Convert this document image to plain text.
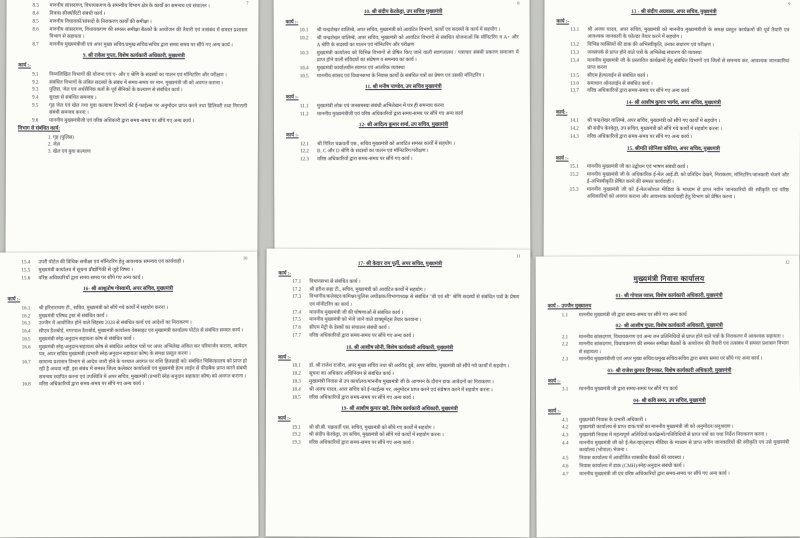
7
8.3 माननीय सांसदगण, विधायकगण के समन्वीय विभाग क्षेत्र के कार्यों का समन्वय एवं संचालन ।
8.4 निवास सीक्योरिटी संबंधी कार्य ।
8.5 माननीय विधायकों/सांसदों के निराकरण कार्यों की समीक्षा ।
8.6 माननीय सांसदगण, विधायकगण की समस्त समीक्षा बैठकों के आयोजन की तैयारी एवं तत्संबंध में समस्त प्रशासन विभाग से सहायता ।
8.7 माननीय मुख्यमंत्रीजी एवं अपर मुख्य सचिव/प्रमुख सचिव/सचिव द्वारा समय समय पर सौंपे गए अन्य कार्य ।
9. श्री राकेश गुप्ता, विशेष कार्यकारी अधिकारी, मुख्यमंत्री
कार्य :-
9.1 निम्नलिखित विभागों की योजना एवं ए- और ए श्रेणि के सदस्यों का पालन एवं मॉनिटरिंग और परीक्षण ।
9.2 संबंधित विभागों के लंबित सदस्यों के संबंध में समय-समय पर मान. मुख्यमंत्री जी को अवगत कराना ।
9.3 पुलिस, जेल एवं अर्धसैनिक बलों के पूर्व सैनिकों के कल्याण से संबंधित कार्य ।
9.4 सुरक्षा से संबंधित समन्वय ।
9.5 गृह जेल एवं खेल तथा युवा कल्याण विभागों की ई-फाईल्स पर अनुमोदन प्राप्त करने तथा डिलिवरी तथा निगरानी संबंधी समन्वय करना ।
9.6 माननीय मुख्यमंत्रीजी एवं वरिष्ठ अधिकारी द्वारा समय-समय पर सौंपे गए अन्य कार्य ।
विभाग से संबंधित कार्य:
1. गृह (पुलिस)
2. जेल
3. खेल एवं युवा कल्याण
8
10. श्री संदीप केरकेट्टा, उप सचिव मुख्यमंत्री
कार्य :-
10.1 श्री चन्द्रशेखर वालिम्बे, अपर सचिव, मुख्यमंत्री को आवंटित विभागों, कार्यों एवं सदस्यों के कार्य में सहयोग ।
10.2 श्री चन्द्रशेखर वालिम्बे, अपर सचिव, मुख्यमंत्री को आवंटित विभागों से संबंधित योजनाओं कि मॉनिटरिंग व A+ और A श्रेणि के सदस्यों का पालन एवं मॉनिटरिंग और परीक्षण
10.3 मुख्यमंत्री कार्यालय को विभिन्न विभागों से प्रेषित किए जाने वाली स्वागतालय / पत्राचार संबंधी प्रकरण समाजन में प्राप्त होने वाली संविदयों का संप्रेषण व समन्वय का कार्य ।
10.4 मुख्यमंत्री कार्यालयीन स्वागत एवं आंतरिक व्यवस्था
10.5 माननीय सांसद एवं विधानसभा के निवास कार्यों के संबंधित पत्रों का प्रेषण एवं उसकी मॉनिटरिंग ।
11. श्री मनीष पाण्डेय, उप सचिव मुख्यमंत्री
कार्य :-
11.1 मुख्यमंत्री लोक एवं जनसमस्या संबंधी अभिलेखन में पत्र ही समन्वय करना
11.2 माननीय मुख्यमंत्रीजी एवं वरिष्ठ अधिकारियों द्वारा समय-समय पर सौंपे गए अन्य कार्य
12- श्री आदित्य कुमार शर्मा, उप सचिव, मुख्यमंत्री
कार्य :-
12.1 श्री गिरिश चक्रवर्ती एस., सचिव मुख्यमंत्री को आवंटित समस्त कार्यों में सहयोग ।
12.2 B, C और D श्रेणि के सदस्यों का पालन एवं मॉनिटरिंग/परीक्षण ।
12.3 वरिष्ठ अधिकारियों द्वारा समय-समय पर सौंपे गए कार्य ।
9
13 - श्री संदीप अग्रवाल, अपर सचिव, मुख्यमंत्री
कार्य :-
13.1 श्री अजय यादव, अपर सचिव, मुख्यमंत्री को माननीय मुख्यमंत्रीजी के समक्ष प्रस्तुत कार्यक्रमों की पूर्व तैयारी एवं आवश्यक जानकारी के फोल्डर तैयार करने में सहयोग ।
13.2 विभिन्न व्यक्तियों की डाक की अभिस्वीकृति, उनका संधारण एवं परीक्षण ।
13.3 जनसंपर्क से प्राप्त होने वाले पत्रों के अभिलेख संधारण की व्यवस्था
13.4 माननीय मुख्यमंत्री जी के प्रस्तावित कार्यक्रमों हेतु संबंधित विभागों एवं जिलों से समन्वय कर, आवश्यक जानकारियां प्राप्त करना
13.5 सीएम हेल्पलाईन से संबंधित कार्य ।
13.6 समाधान ऑनलाईन से संबंधित कार्य ।
13.7 वरिष्ठ अधिकारियों द्वारा समय-समय पर सौंपे गए अन्य कार्य
14- श्री आशीष कुमार भार्गव, अपर सचिव, मुख्यमंत्री
कार्य:-
14.1 श्री चन्द्रशेखर वालिम्बे, अपर सचिव, मुख्यमंत्री को सौंपे गए कार्यों में सहयोग ।
14.2 श्री संदीप केरकेट्टा, उप सचिव, मुख्यमंत्री को सौंपे गये कार्यों में सहयोग करना ।
14.3 वरिष्ठ अधिकारियों द्वारा समय-समय पर सौंपे गए अन्य कार्य ।
15. श्रीमति सोनिशा कोरिया, अपर सचिव, मुख्यमंत्री
कार्य :-
15.1 माननीय मुख्यमंत्री जी का उद्बोधन एवं भाषण संबंधी कार्य ।
15.2 माननीय मुख्यमंत्री जी के अधिकारिक ई-मेल आई.डी. को प्रतिदिन देखने, निराकरण, मॉनिटरिंग/जानकारी भेजने और ई-अभिस्वीकृति प्रेषित करने की समस्त कार्यवाही ।
15.3 माननीय मुख्यमंत्री जी को ई-मेल/सोशल मीडिया के माध्यम से प्राप्त नवीन जानकारियों की स्वीकृति एवं वरिष्ठ अधिकारियों को अवगत कराना और आवश्यक कार्यवाही हेतु विभाग को प्रेषित करना ।
10
15.4 उपरी पोर्टल की विधिक समीक्षा एवं मॉनिटरिंग हेतु आवश्यक समन्वय एवं कार्यवाही ।
15.5 मुख्यमंत्री कार्यालय में सूचना प्रौद्योगिकी से जुड़े विषय ।
15.6 वरिष्ठ अधिकारियों द्वारा समय-समय पर सौंपे गए अन्य कार्य ।
16- श्री आशुतोष गोस्वामी, अपर सचिव, मुख्यमंत्री
कार्य :-
16.1 श्री हरिनारायण टी., सचिव, मुख्यमंत्री को सौंपे गये कार्यों में सहयोग करना ।
16.2 मुख्यमंत्री परिषद ट्रस्ट से संबंधित कार्य ।
16.3 उज्जैन में आयोजित होने वाले सिंहस्थ 2028 से संबंधित कार्य एवं आदेशों का निराकरण ।
16.4 सीएम डैशबोर्ड, नगरपाल डैशबोर्ड, मुख्यमंत्री कार्यालय वेबसाइट एवं मुख्यमंत्री कार्यालय पोर्टल से संबंधित समस्त कार्य ।
16.5 मुख्यमंत्री स्नेह/अनुदान सहायता कोष से संबंधित कार्य ।
16.6 मुख्यमंत्री स्नेह/अनुदान/सहायता कोष से संबंधित आवेदन पत्रों पर अपर अभिलेख अंकित कर परिमार्जन कराना, आवेदन पत्र, अपर सचिव मुख्यमंत्री (प्रभारी स्नेह/अनुदान सहायता कोष) के समक्ष प्रस्तुत करना ।
16.7 सामान्य प्रशासन विभाग से आदेश जारी होने के पश्चात अवगत पर राशि हितग्राही को/ संबंधित चिकित्सालय को प्राप्त हो रही है अथवा नहीं, इस संबंध में समस्त जिला कलेक्टर कार्यालयों एवं मुख्यमंत्री हेल्प लाईन से फीडबैक प्राप्त करने संबंधी समन्वय स्थापित करना एवं उपस्थिति में अपर सचिव, मुख्यमंत्री (प्रभारी स्नेह/अनुदान सहायता कोष) को अवगत कराना ।
16.8 वरिष्ठ अधिकारियों द्वारा समय-समय पर सौंपे गए अन्य कार्य ।
11
17- श्री केदार राम पूर्ती, अपर सचिव, मुख्यमंत्री
कार्य :-
17.1 विधानसभा से संबंधित कार्य ।
17.2 श्री हरीश सहा टी., सचिव, मुख्यमंत्री को आवंटित कार्यों में सहयोग ।
17.3 विभागीय/कलेक्टर/कमिश्नर/पुलिस अधीक्षक/विभागाध्यक्ष से संबंधित "बी एवं सी" श्रेणि सदस्यों से संबंधित पत्रों के प्रेषण एवं मॉनीटरिंग का कार्य ।
17.4 माननीय मुख्यमंत्री जी की घोषणाओं से संबंधित कार्य ।
17.5 माननीय मुख्यमंत्री को भेजे जाने वाले डाक्यूमेंट्स तैयार करवाना ।
17.6 सीएम मेट्री के डेस्कों का संचालन संबंधी कार्य ।
17.7 वरिष्ठ अधिकारियों द्वारा समय-समय पर सौंपे गए अन्य कार्य ।
18. श्री आशीष सोनी, विशेष कार्यकारी अधिकारी, मुख्यमंत्री
कार्य :-
18.1 डॉ. श्री राजेश राजौरा, अपर मुख्य सचिव तथा श्री अरविंद दुबे, अपर सचिव, मुख्यमंत्री को सौंपे गये कार्यों में सहयोग ।
18.2 सूचना का अधिकार अधिनियम से संबंधित कार्य ।
18.3 मुख्यमंत्री निवास से उप कार्यालय/माननीय मुख्यमंत्री जी के आगमन के दौरान डाक आवेदनों का निराकरण ।
18.4 श्री अजय यादव, अपर सचिव को ई-फाईल्स पर, अनुमोदन प्राप्त करने एवं संप्रेषण करने में सहयोग करना ।
18.5 वरिष्ठ अधिकारियों द्वारा समय-समय पर सौंपे गए अन्य कार्य ।
19- श्री आशीष कुमार खरे, विशेष कार्यकारी अधिकारी, मुख्यमंत्री
कार्य :-
19.1 श्री सी.बी. चक्रवर्ती एस, सचिव, मुख्यमंत्री को सौंपे गए कार्यों में सहयोग ।
19.2 श्री संदीप केरकेट्टा, उप सचिव, मुख्यमंत्री को सौंपे गये कार्यों में सहयोग करना ।
19.3 वरिष्ठ अधिकारियों द्वारा समय-समय पर सौंपे गए अन्य कार्य ।
12
मुख्यमंत्री निवास कार्यालय
01- श्री गोपाल व्यास, विशेष कार्यकारी अधिकारी, मुख्यमंत्री
कार्य :- उज्जैन मुख्यालय
1.1 माननीय मुख्यमंत्री जी द्वारा समय-समय पर सौंपे गए अन्य कार्य
02- श्री आशीष गुप्ता, विशेष कार्यकारी अधिकारी, मुख्यमंत्री
2.1 माननीय सांसदगण, विधायकगण एवं अन्य जन प्रतिनिधियों से प्राप्त होने वाले पत्रों के निराकरण में आवश्यक सहायता ।
2.2 माननीय सांसदगण, विधायकगण की समस्त समीक्षा बैठकों के आयोजन की तैयारी एवं तत्संबंध में समस्त प्रशासन विभाग से सहायता ।
2.3 माननीय मुख्यमंत्रीजी एवं अपर मुख्य सचिव/प्रमुख सचिव/सचिव द्वारा समय समय पर सौंपे गए अन्य कार्य ।
03- श्री राजेश कुमार हिंगनकर, विशेष कार्यकारी अधिकारी, मुख्यमंत्री
कार्य :-
3.1 माननीय मुख्यमंत्री जी द्वारा समय-समय पर सौंपे गए कार्य
04- श्री कवि समर, उप सचिव, मुख्यमंत्री
कार्य :-
4.1 मुख्यमंत्री निवास के प्रभारी अधिकारी ।
4.2 मुख्यमंत्री कार्यालय से प्राप्त डाक/पत्रों का माननीय मुख्यमंत्री जी को अनुमोदन/अनुश्रवण ।
4.3 मुख्यमंत्री निवास में महत्वपूर्ण अतिथियों/कार्यक्रमों/गतिविधियों से प्राप्त पत्रों का यथा निर्देश निराकरण करना ।
4.4 माननीय मुख्यमंत्री जी को ई-मेल/व्हाट्सएप मीडिया के माध्यम से प्राप्त नवीन जानकारियों की स्वीकृति एवं उसे मुख्यमंत्री कार्यालय (भोपाल) भेजना ।
4.5 निवास कार्यालय में आयोजित शासकीय बैठकों की व्यवस्था ।
4.6 निवास कार्यालय में डाक (CMH)/स्नेह/अनुदान संबंधी कार्य ।
4.7 माननीय मुख्यमंत्री जी एवं वरिष्ठ अधिकारियों द्वारा समय-समय पर सौंपे गए अन्य कार्य ।
